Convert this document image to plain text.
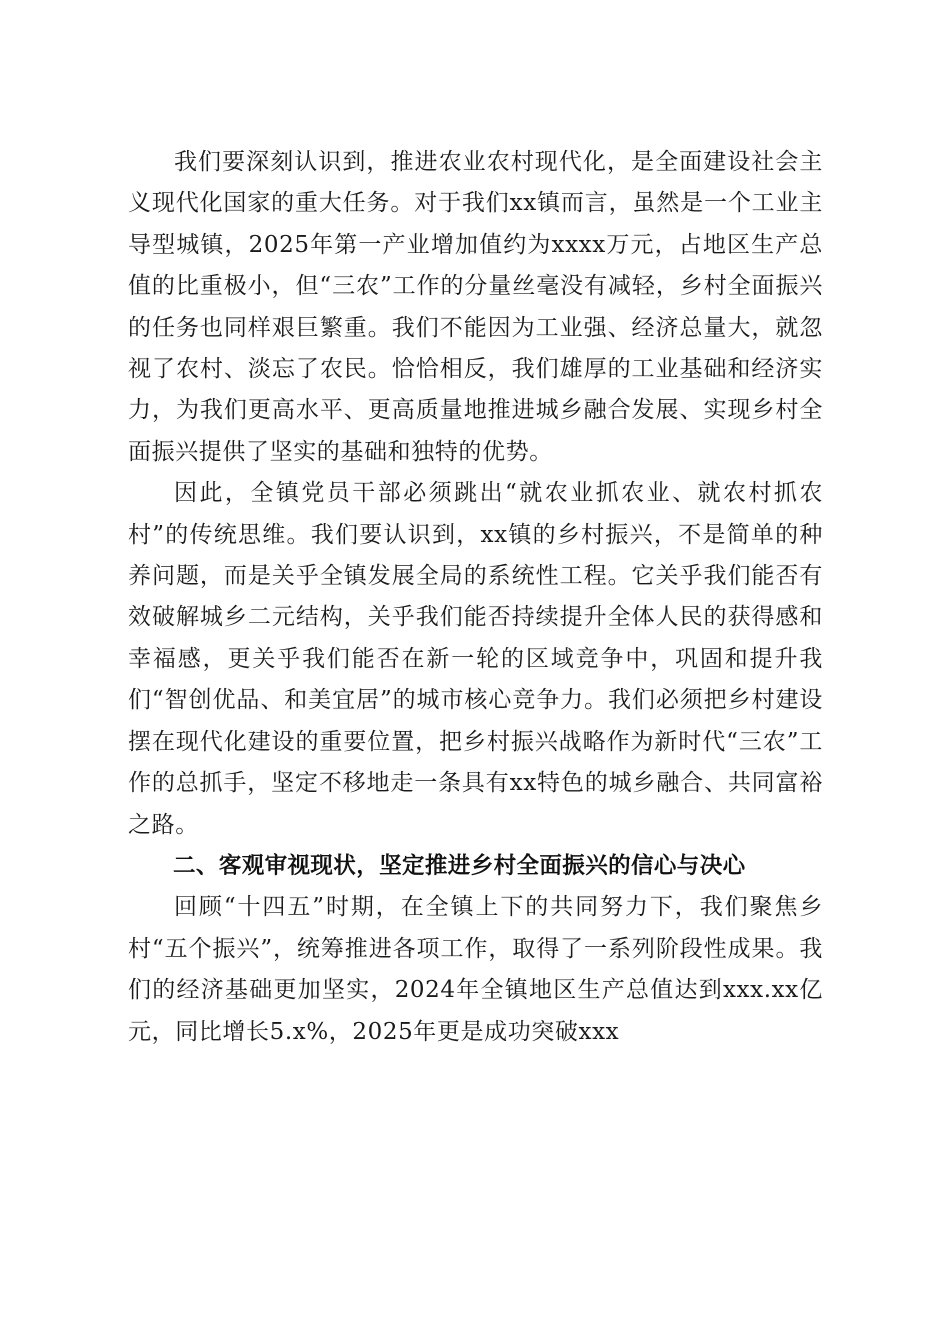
我们要深刻认识到，推进农业农村现代化，是全面建设社会主义现代化国家的重大任务。对于我们xx镇而言，虽然是一个工业主导型城镇，2025年第一产业增加值约为xxxx万元，占地区生产总值的比重极小，但“三农”工作的分量丝毫没有减轻，乡村全面振兴的任务也同样艰巨繁重。我们不能因为工业强、经济总量大，就忽视了农村、淡忘了农民。恰恰相反，我们雄厚的工业基础和经济实力，为我们更高水平、更高质量地推进城乡融合发展、实现乡村全面振兴提供了坚实的基础和独特的优势。

因此，全镇党员干部必须跳出“就农业抓农业、就农村抓农村”的传统思维。我们要认识到，xx镇的乡村振兴，不是简单的种养问题，而是关乎全镇发展全局的系统性工程。它关乎我们能否有效破解城乡二元结构，关乎我们能否持续提升全体人民的获得感和幸福感，更关乎我们能否在新一轮的区域竞争中，巩固和提升我们“智创优品、和美宜居”的城市核心竞争力。我们必须把乡村建设摆在现代化建设的重要位置，把乡村振兴战略作为新时代“三农”工作的总抓手，坚定不移地走一条具有xx特色的城乡融合、共同富裕之路。

二、客观审视现状，坚定推进乡村全面振兴的信心与决心

回顾“十四五”时期，在全镇上下的共同努力下，我们聚焦乡村“五个振兴”，统筹推进各项工作，取得了一系列阶段性成果。我们的经济基础更加坚实，2024年全镇地区生产总值达到xxx.xx亿元，同比增长5.x%，2025年更是成功突破xxx
